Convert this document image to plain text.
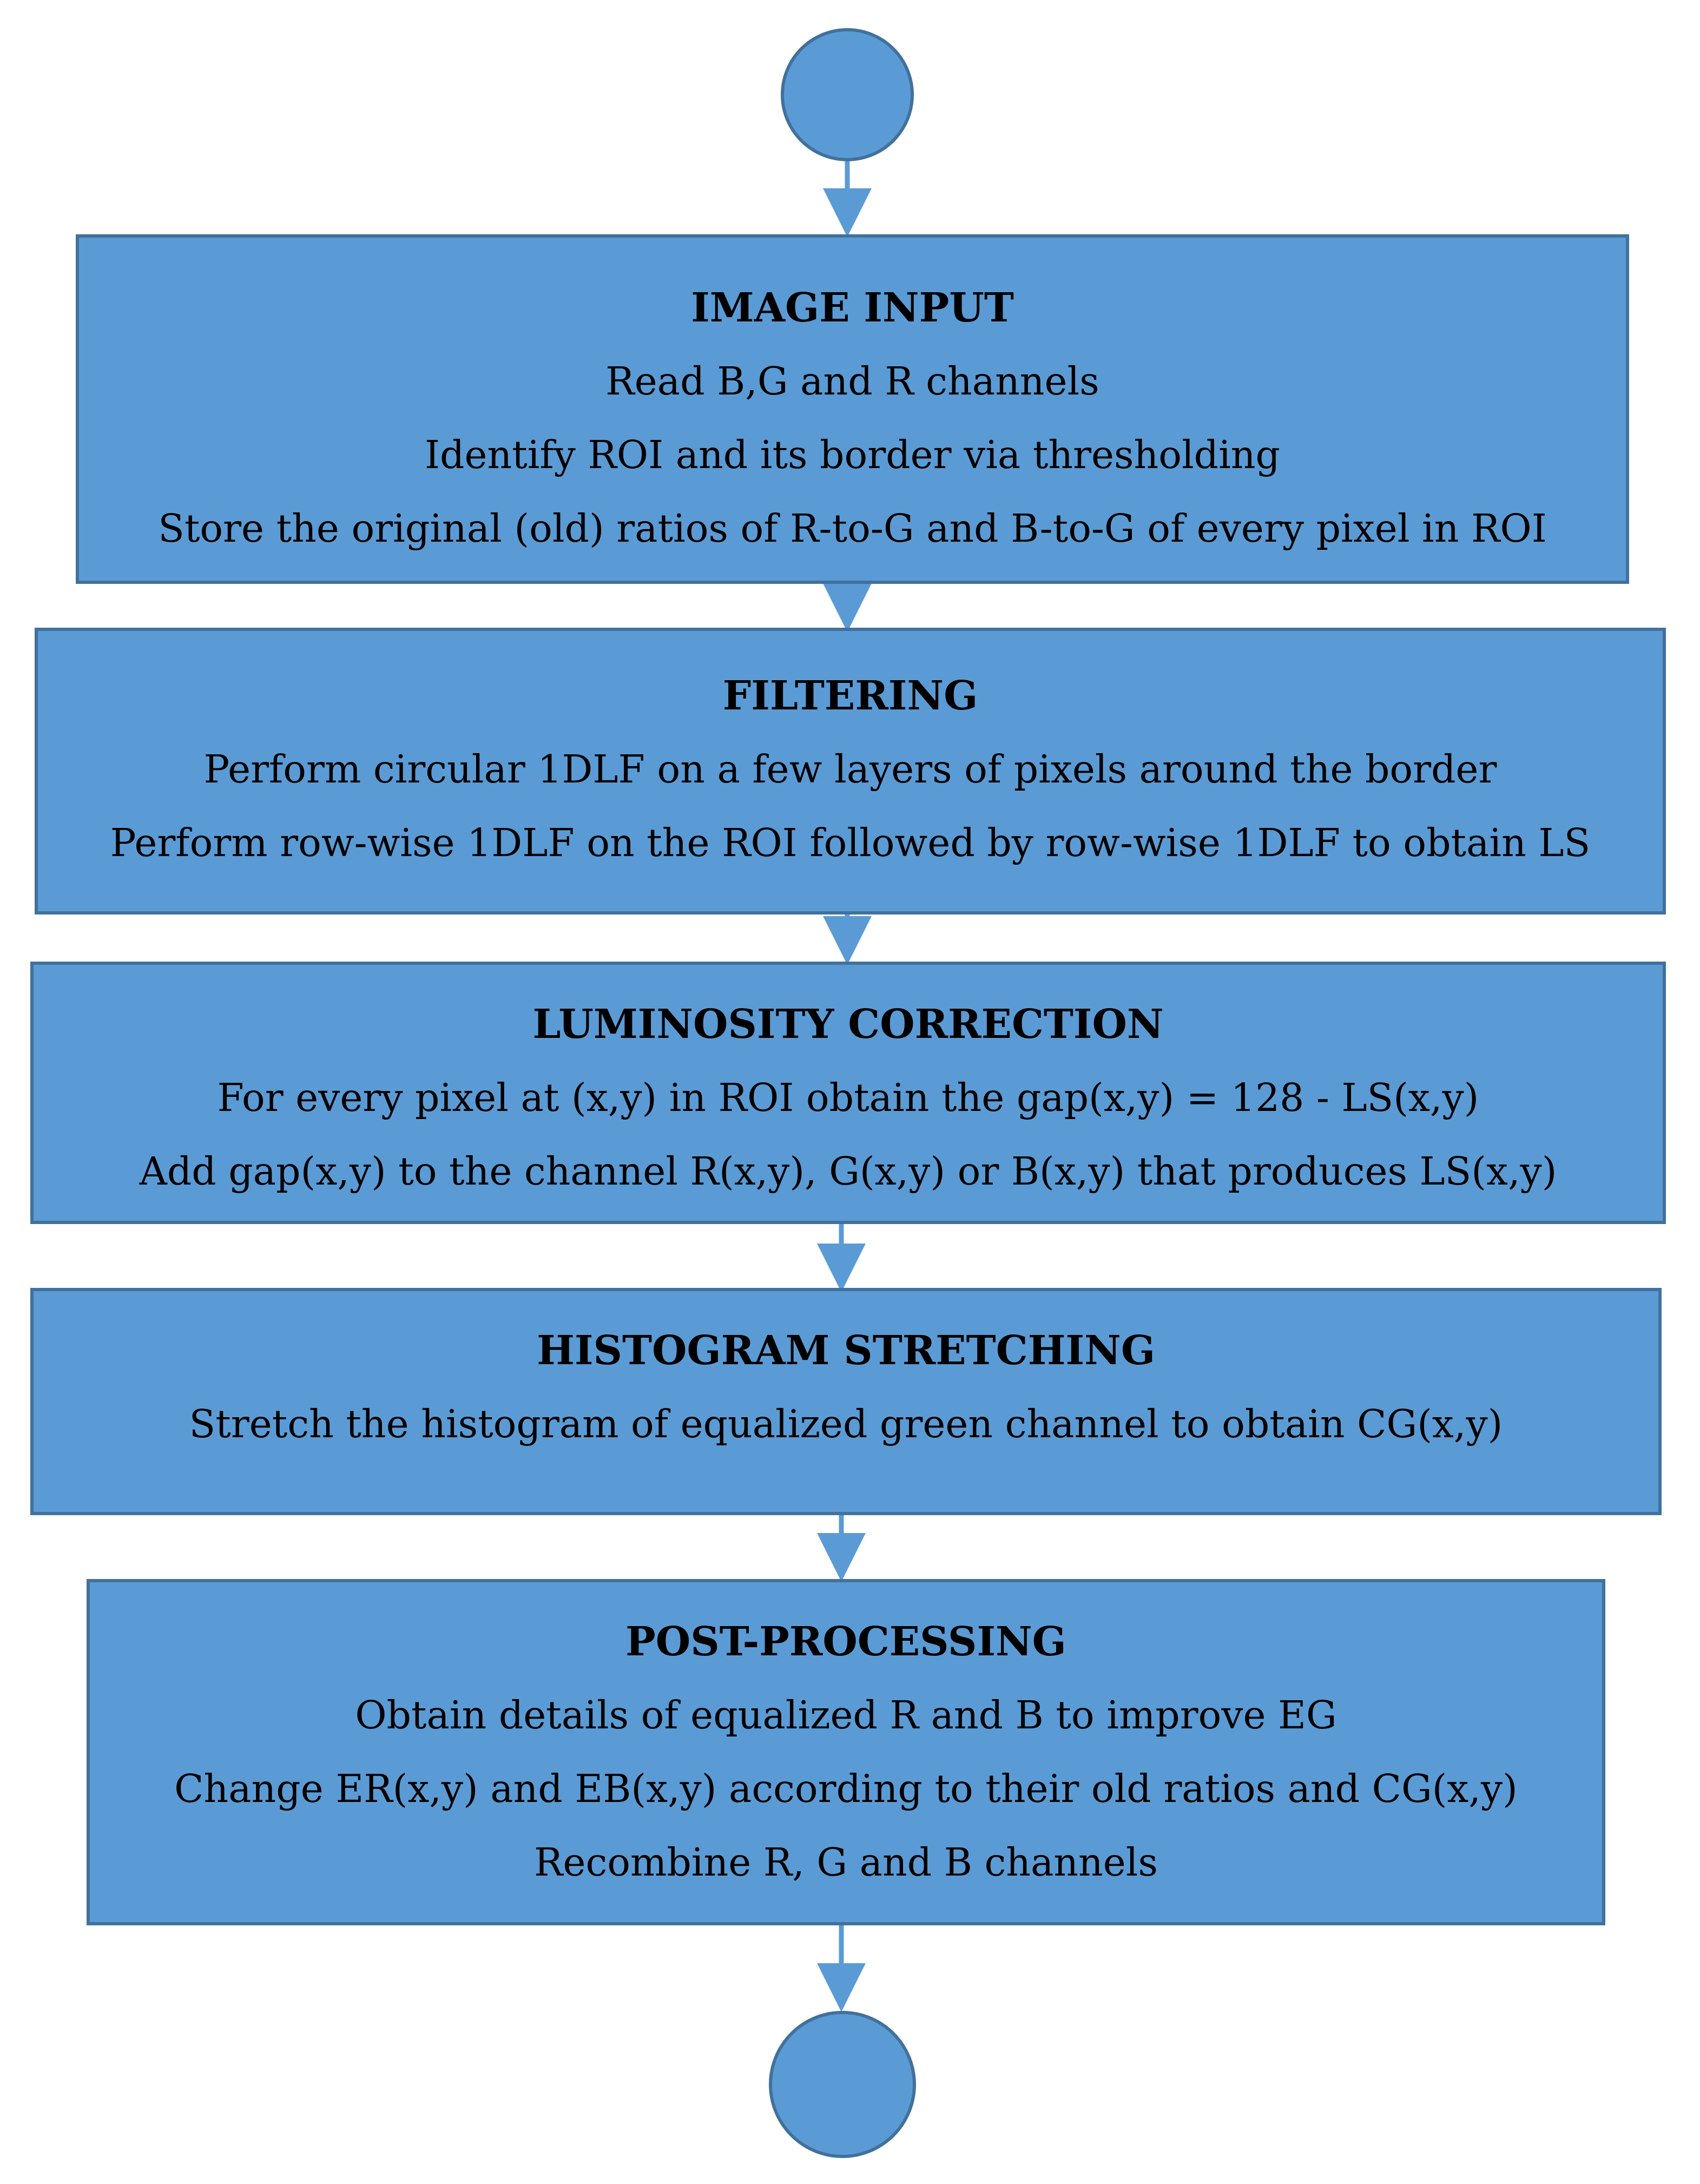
IMAGE INPUT

Read B,G and R channels

Identify ROI and its border via thresholding

Store the original (old) ratios of R-to-G and B-to-G of every pixel in ROI

FILTERING

Perform circular 1DLF on a few layers of pixels around the border

Perform row-wise 1DLF on the ROI followed by row-wise 1DLF to obtain LS

LUMINOSITY CORRECTION

For every pixel at (x,y) in ROI obtain the gap(x,y) = 128 - LS(x,y)

Add gap(x,y) to the channel R(x,y), G(x,y) or B(x,y) that produces LS(x,y)

HISTOGRAM STRETCHING

Stretch the histogram of equalized green channel to obtain CG(x,y)

POST-PROCESSING

Obtain details of equalized R and B to improve EG

Change ER(x,y) and EB(x,y) according to their old ratios and CG(x,y)

Recombine R, G and B channels
